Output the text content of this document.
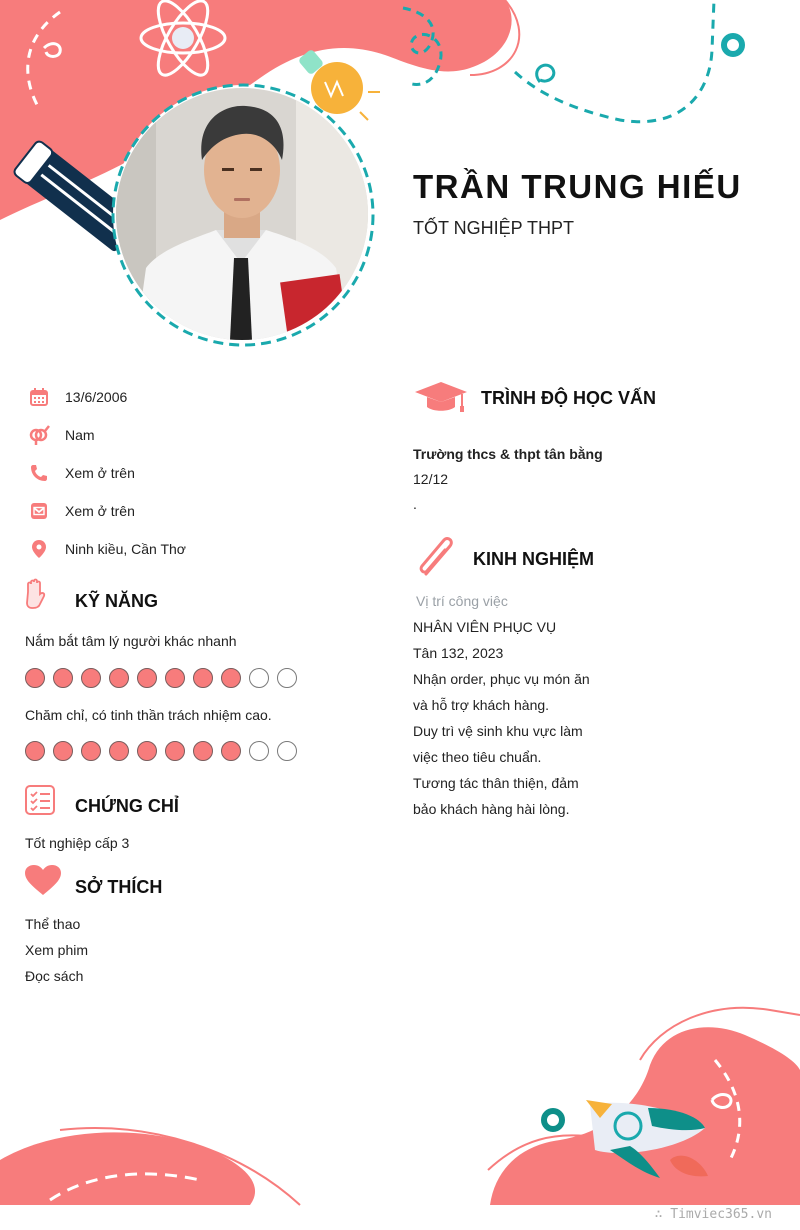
TRẦN TRUNG HIẾU
TỐT NGHIỆP THPT
13/6/2006
Nam
Xem ở trên
Xem ở trên
Ninh kiều, Cần Thơ
KỸ NĂNG
Nắm bắt tâm lý người khác nhanh
Chăm chỉ, có tinh thần trách nhiệm cao.
CHỨNG CHỈ
Tốt nghiệp cấp 3
SỞ THÍCH
Thể thao
Xem phim
Đọc sách
TRÌNH ĐỘ HỌC VẤN
Trường thcs & thpt tân bằng
12/12
.
KINH NGHIỆM
Vị trí công việc
NHÂN VIÊN PHỤC VỤ
Tân 132, 2023
Nhận order, phục vụ món ăn
và hỗ trợ khách hàng.
Duy trì vệ sinh khu vực làm
việc theo tiêu chuẩn.
Tương tác thân thiện, đảm
bảo khách hàng hài lòng.
∴ Timviec365.vn
